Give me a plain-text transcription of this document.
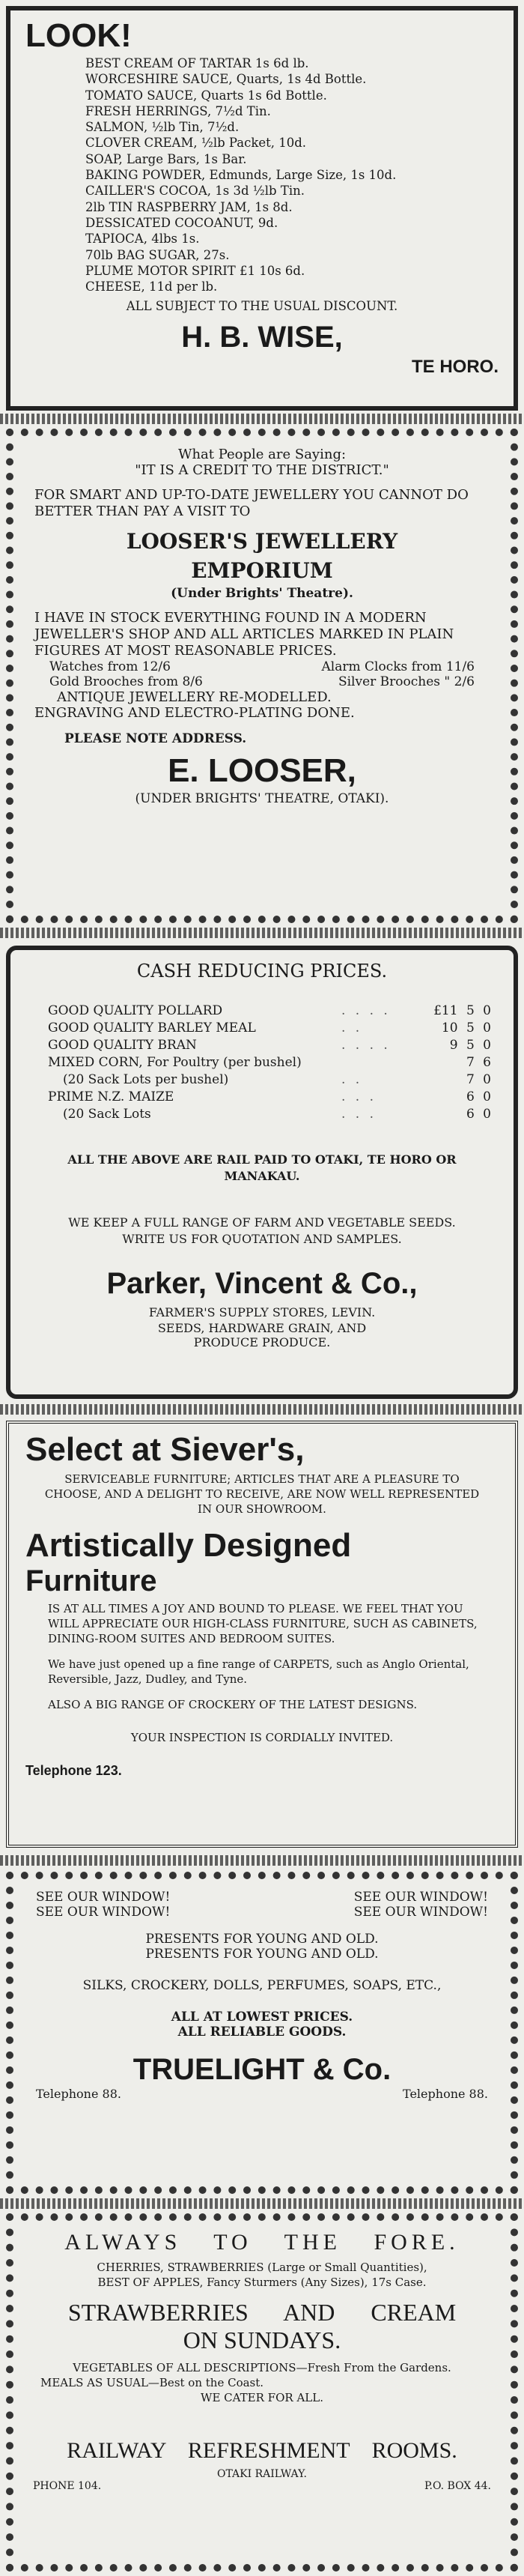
LOOK!
BEST CREAM OF TARTAR 1s 6d lb.
WORCESHIRE SAUCE, Quarts, 1s 4d Bottle.
TOMATO SAUCE, Quarts 1s 6d Bottle.
FRESH HERRINGS, 7½d Tin.
SALMON, ½lb Tin, 7½d.
CLOVER CREAM, ½lb Packet, 10d.
SOAP, Large Bars, 1s Bar.
BAKING POWDER, Edmunds, Large Size, 1s 10d.
CAILLER'S COCOA, 1s 3d ½lb Tin.
2lb TIN RASPBERRY JAM, 1s 8d.
DESSICATED COCOANUT, 9d.
TAPIOCA, 4lbs 1s.
70lb BAG SUGAR, 27s.
PLUME MOTOR SPIRIT £1 10s 6d.
CHEESE, 11d per lb.
ALL SUBJECT TO THE USUAL DISCOUNT.
H. B. WISE,
TE HORO.
What People are Saying:
"IT IS A CREDIT TO THE DISTRICT."
FOR SMART AND UP-TO-DATE JEWELLERY YOU CANNOT DO BETTER THAN PAY A VISIT TO
LOOSER'S JEWELLERY
EMPORIUM
(Under Brights' Theatre).
I HAVE IN STOCK EVERYTHING FOUND IN A MODERN JEWELLER'S SHOP AND ALL ARTICLES MARKED IN PLAIN FIGURES AT MOST REASONABLE PRICES.
Watches from 12/6	Alarm Clocks from 11/6
Gold Brooches from 8/6	Silver Brooches " 2/6
ANTIQUE JEWELLERY RE-MODELLED.
ENGRAVING AND ELECTRO-PLATING DONE.
PLEASE NOTE ADDRESS.
E. LOOSER,
(UNDER BRIGHTS' THEATRE, OTAKI).
CASH REDUCING PRICES.
GOOD QUALITY POLLARD	. . . .	£11 5 0
GOOD QUALITY BARLEY MEAL	. .	10 5 0
GOOD QUALITY BRAN	. . . .	9 5 0
MIXED CORN, For Poultry (per bushel)	7 6
(20 Sack Lots per bushel)	. .	7 0
PRIME N.Z. MAIZE	. . .	6 0
(20 Sack Lots	. . .	6 0
ALL THE ABOVE ARE RAIL PAID TO OTAKI, TE HORO OR MANAKAU.
WE KEEP A FULL RANGE OF FARM AND VEGETABLE SEEDS. WRITE US FOR QUOTATION AND SAMPLES.
Parker, Vincent & Co.,
FARMER'S SUPPLY STORES, LEVIN.
SEEDS, HARDWARE GRAIN, AND PRODUCE PRODUCE.
Select at Siever's,
SERVICEABLE FURNITURE; ARTICLES THAT ARE A PLEASURE TO CHOOSE, AND A DELIGHT TO RECEIVE, ARE NOW WELL REPRESENTED IN OUR SHOWROOM.
Artistically Designed
Furniture
IS AT ALL TIMES A JOY AND BOUND TO PLEASE. WE FEEL THAT YOU WILL APPRECIATE OUR HIGH-CLASS FURNITURE, SUCH AS CABINETS, DINING-ROOM SUITES AND BEDROOM SUITES.
We have just opened up a fine range of CARPETS, such as Anglo Oriental, Reversible, Jazz, Dudley, and Tyne.
ALSO A BIG RANGE OF CROCKERY OF THE LATEST DESIGNS.
YOUR INSPECTION IS CORDIALLY INVITED.
Telephone 123.
SEE OUR WINDOW!	SEE OUR WINDOW!
SEE OUR WINDOW!	SEE OUR WINDOW!
PRESENTS FOR YOUNG AND OLD.
PRESENTS FOR YOUNG AND OLD.
SILKS, CROCKERY, DOLLS, PERFUMES, SOAPS, ETC.,
ALL AT LOWEST PRICES.
ALL RELIABLE GOODS.
TRUELIGHT & Co.
Telephone 88.	Telephone 88.
ALWAYS TO THE FORE.
CHERRIES, STRAWBERRIES (Large or Small Quantities),
BEST OF APPLES, Fancy Sturmers (Any Sizes), 17s Case.
STRAWBERRIES AND CREAM
ON SUNDAYS.
VEGETABLES OF ALL DESCRIPTIONS—Fresh From the Gardens.
MEALS AS USUAL—Best on the Coast.
WE CATER FOR ALL.
RAILWAY REFRESHMENT ROOMS.
OTAKI RAILWAY.
PHONE 104.	P.O. BOX 44.
